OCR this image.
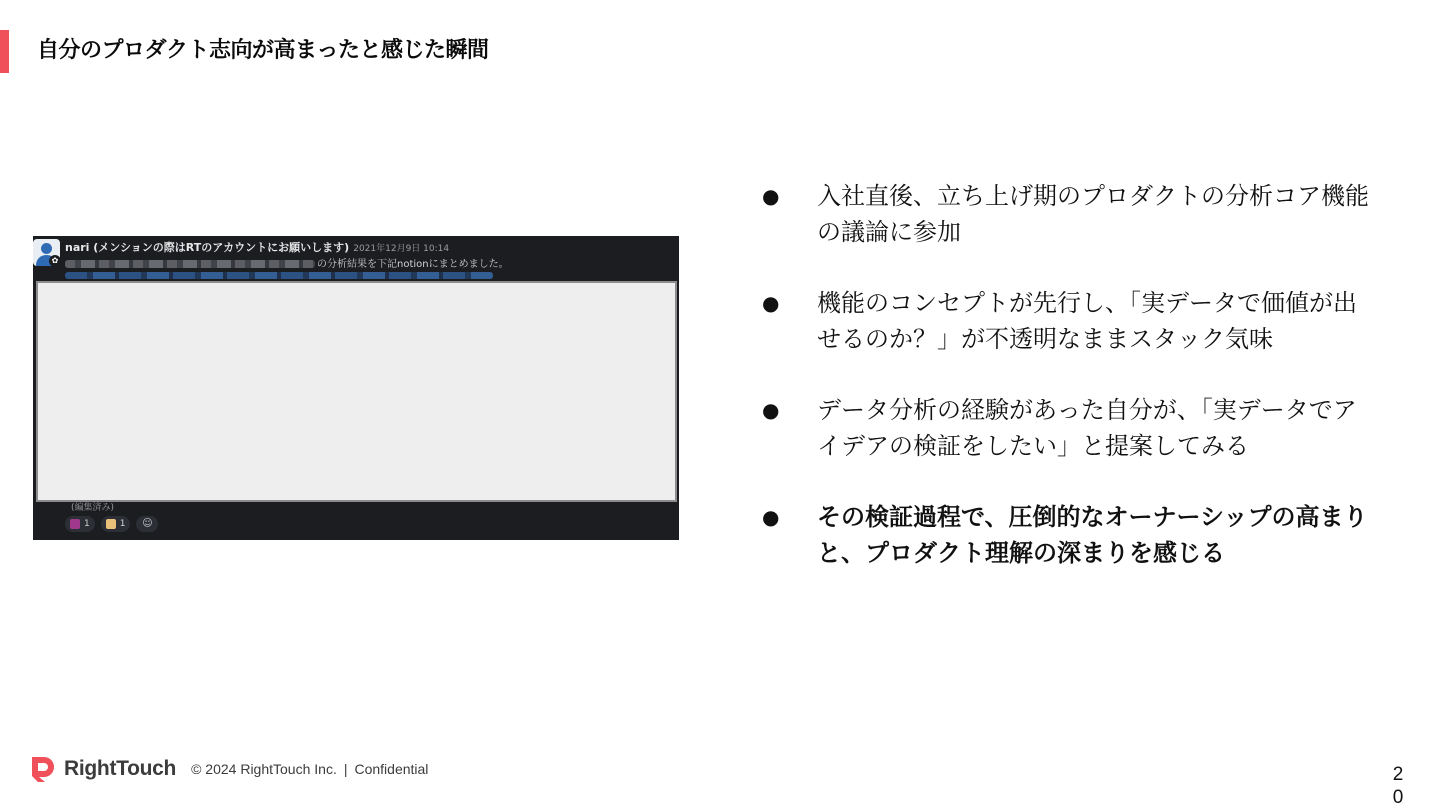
自分のプロダクト志向が高まったと感じた瞬間
✿
nari (メンションの際はRTのアカウントにお願いします) 2021年12月9日 10:14
の分析結果を下記notionにまとめました。
(編集済み)
1	1	☺
● 入社直後、立ち上げ期のプロダクトの分析コア機能の議論に参加
● 機能のコンセプトが先行し、「実データで価値が出せるのか？」が不透明なままスタック気味
● データ分析の経験があった自分が、「実データでアイデアの検証をしたい」と提案してみる
● その検証過程で、圧倒的なオーナーシップの高まりと、プロダクト理解の深まりを感じる
RightTouch © 2024 RightTouch Inc. | Confidential	20
